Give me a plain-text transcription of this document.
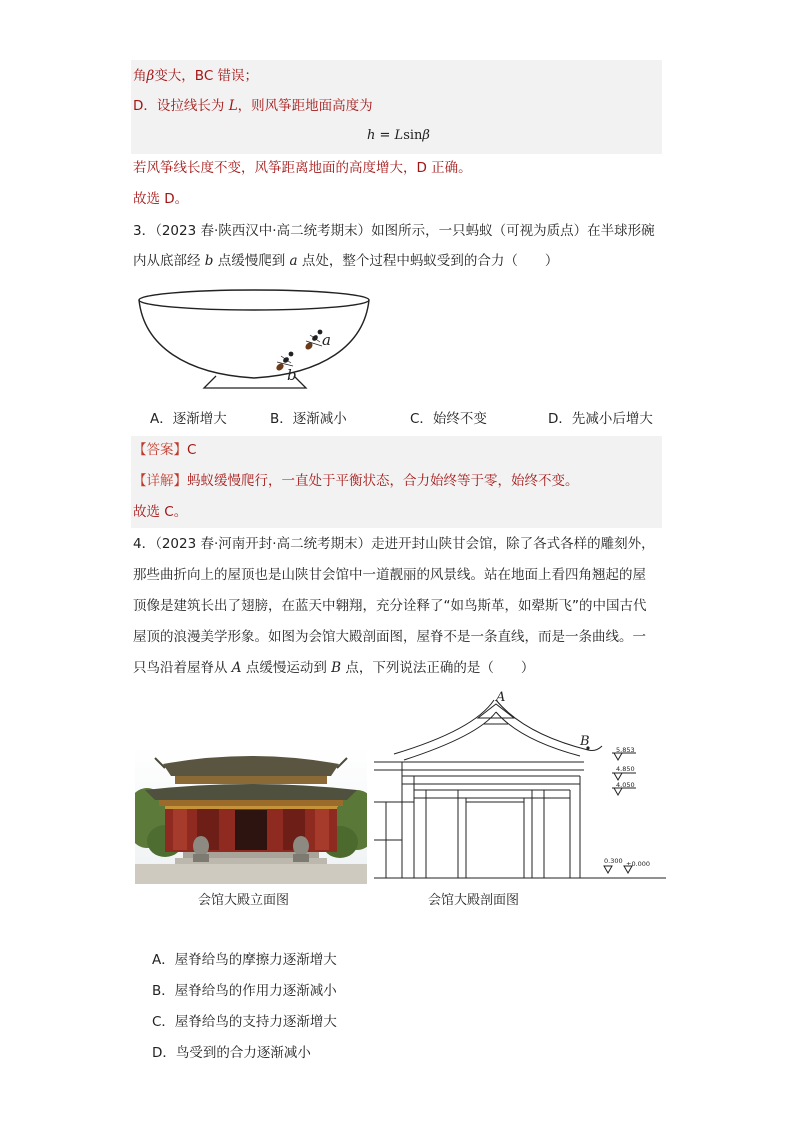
角β变大，BC 错误；
D．设拉线长为 L，则风筝距地面高度为
h = Lsinβ
若风筝线长度不变，风筝距离地面的高度增大，D 正确。
故选 D。
3．（2023 春·陕西汉中·高二统考期末）如图所示，一只蚂蚁（可视为质点）在半球形碗
内从底部经 b 点缓慢爬到 a 点处，整个过程中蚂蚁受到的合力（　　）
a
b
A．逐渐增大	B．逐渐减小	C．始终不变	D．先减小后增大
【答案】C
【详解】蚂蚁缓慢爬行，一直处于平衡状态，合力始终等于零，始终不变。
故选 C。
4．（2023 春·河南开封·高二统考期末）走进开封山陕甘会馆，除了各式各样的雕刻外，
那些曲折向上的屋顶也是山陕甘会馆中一道靓丽的风景线。站在地面上看四角翘起的屋
顶像是建筑长出了翅膀，在蓝天中翱翔，充分诠释了“如鸟斯革，如翚斯飞”的中国古代
屋顶的浪漫美学形象。如图为会馆大殿剖面图，屋脊不是一条直线，而是一条曲线。一
只鸟沿着屋脊从 A 点缓慢运动到 B 点，下列说法正确的是（　　）
A
B
5.853
4.850
4.050
0.300 ±0.000
会馆大殿立面图	会馆大殿剖面图
A．屋脊给鸟的摩擦力逐渐增大
B．屋脊给鸟的作用力逐渐减小
C．屋脊给鸟的支持力逐渐增大
D．鸟受到的合力逐渐减小
